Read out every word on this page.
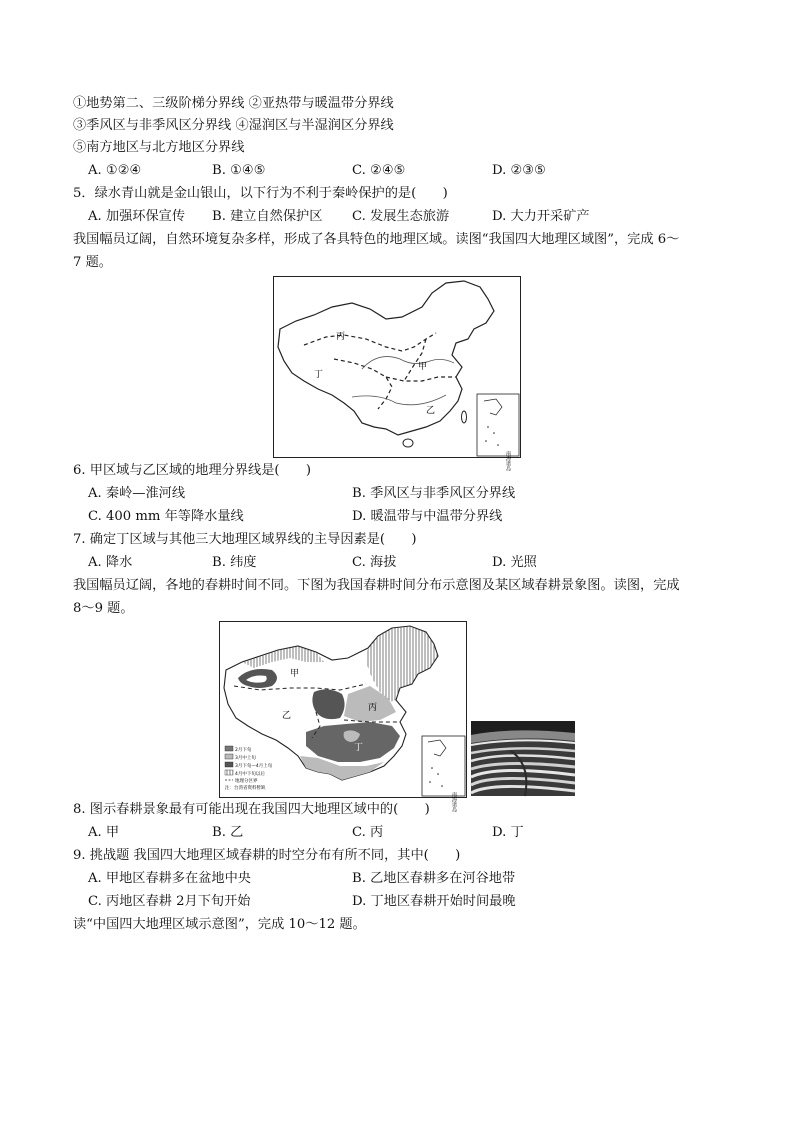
①地势第二、三级阶梯分界线 ②亚热带与暖温带分界线
③季风区与非季风区分界线 ④湿润区与半湿润区分界线
⑤南方地区与北方地区分界线
A. ①②④	B. ①④⑤	C. ②④⑤	D. ②③⑤
5．绿水青山就是金山银山，以下行为不利于秦岭保护的是(　　)
A. 加强环保宣传 B. 建立自然保护区 C. 发展生态旅游	D. 大力开采矿产
我国幅员辽阔，自然环境复杂多样，形成了各具特色的地理区域。读图“我国四大地理区域图”，完成 6～
7 题。
丙
甲
丁
乙
南海诸岛
6. 甲区域与乙区域的地理分界线是(　　)
A. 秦岭—淮河线	B. 季风区与非季风区分界线
C. 400 mm 年等降水量线	D. 暖温带与中温带分界线
7. 确定丁区域与其他三大地理区域界线的主导因素是(　　)
A. 降水	B. 纬度	C. 海拔	D. 光照
我国幅员辽阔，各地的春耕时间不同。下图为我国春耕时间分布示意图及某区域春耕景象图。读图，完成
8～9 题。
甲
乙
丙
丁
2月下旬
3月中上旬
3月下旬—4月上旬
4月中下旬以后
地理分区界
注：台湾省资料暂缺
南海诸岛
8. 图示春耕景象最有可能出现在我国四大地理区域中的(　　)
A. 甲	B. 乙	C. 丙	D. 丁
9. 挑战题 我国四大地理区域春耕的时空分布有所不同，其中(　　)
A. 甲地区春耕多在盆地中央	B. 乙地区春耕多在河谷地带
C. 丙地区春耕 2月下旬开始	D. 丁地区春耕开始时间最晚
读“中国四大地理区域示意图”，完成 10～12 题。
